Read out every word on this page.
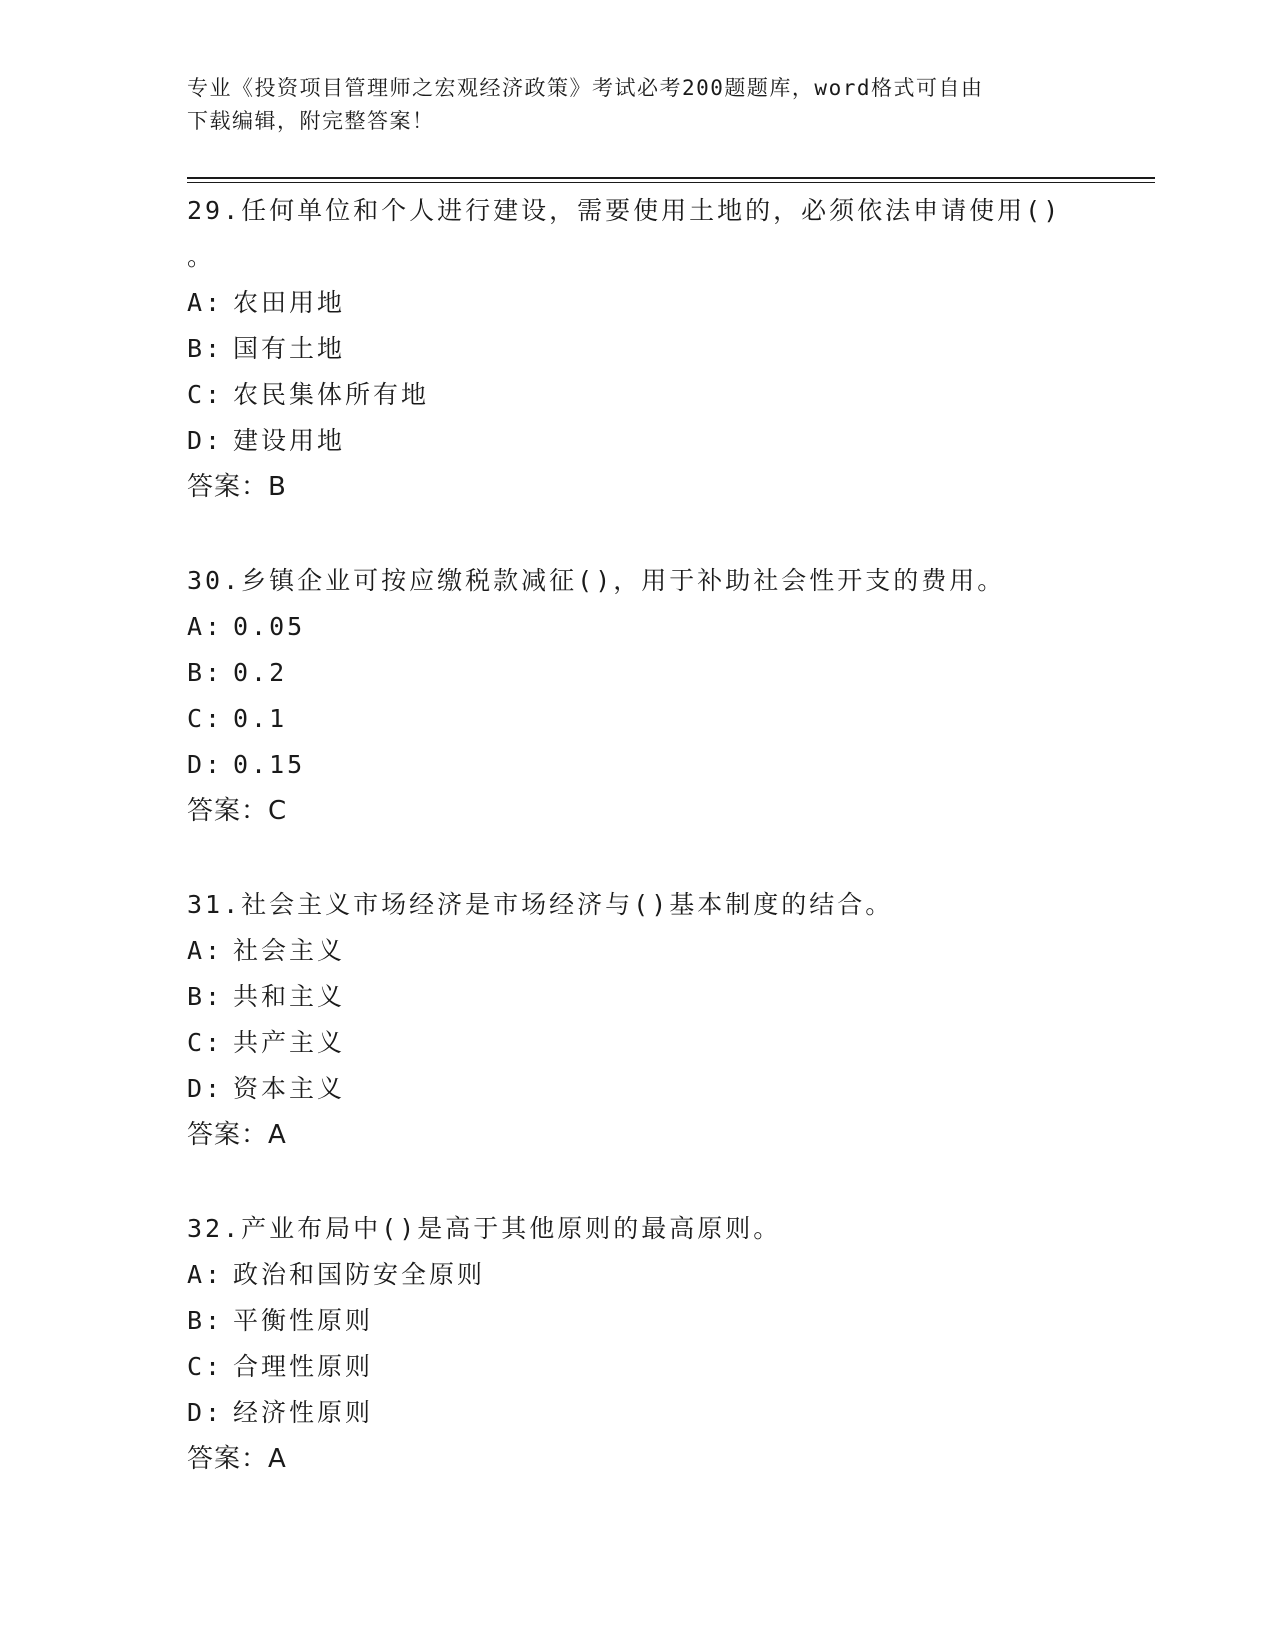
专业《投资项目管理师之宏观经济政策》考试必考200题题库，word格式可自由
下载编辑，附完整答案！
29.任何单位和个人进行建设，需要使用土地的，必须依法申请使用()
。
A: 农田用地
B: 国有土地
C: 农民集体所有地
D: 建设用地
答案：B
30.乡镇企业可按应缴税款减征()，用于补助社会性开支的费用。
A: 0.05
B: 0.2
C: 0.1
D: 0.15
答案：C
31.社会主义市场经济是市场经济与()基本制度的结合。
A: 社会主义
B: 共和主义
C: 共产主义
D: 资本主义
答案：A
32.产业布局中()是高于其他原则的最高原则。
A: 政治和国防安全原则
B: 平衡性原则
C: 合理性原则
D: 经济性原则
答案：A
